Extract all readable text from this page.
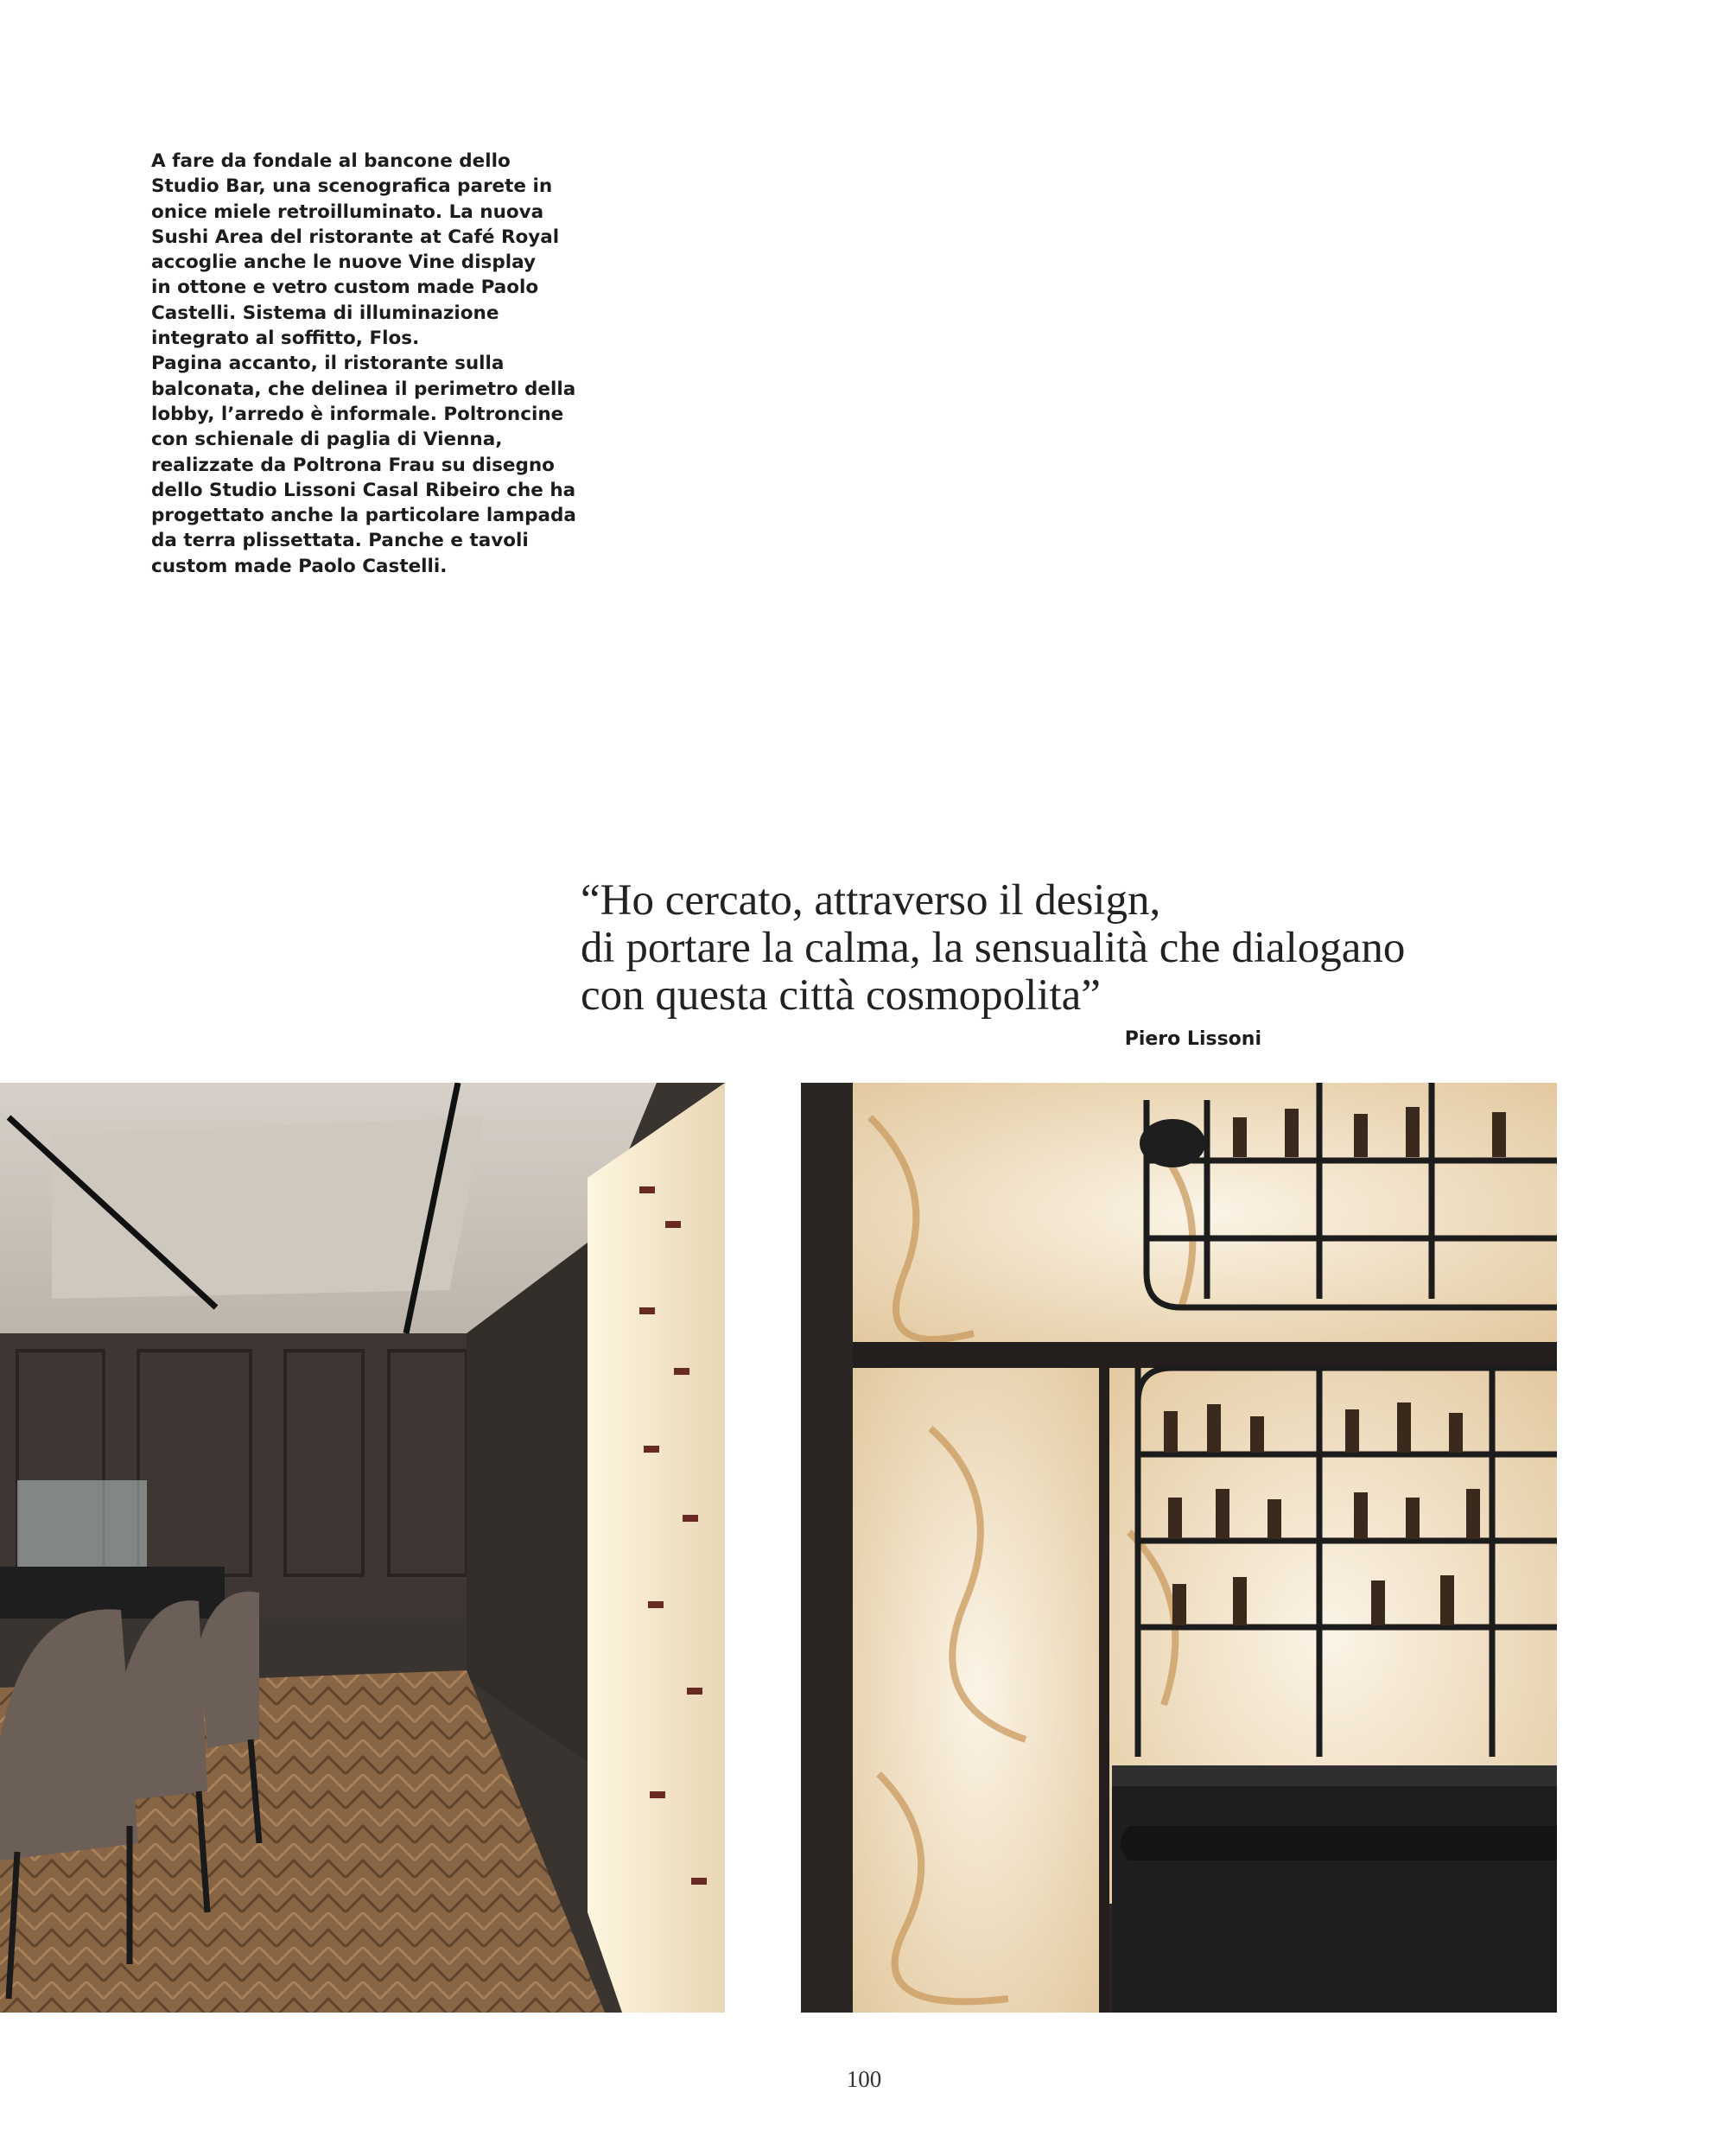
A fare da fondale al bancone dello
Studio Bar, una scenografica parete in
onice miele retroilluminato. La nuova
Sushi Area del ristorante at Café Royal
accoglie anche le nuove Vine display
in ottone e vetro custom made Paolo
Castelli. Sistema di illuminazione
integrato al soffitto, Flos.
Pagina accanto, il ristorante sulla
balconata, che delinea il perimetro della
lobby, l’arredo è informale. Poltroncine
con schienale di paglia di Vienna,
realizzate da Poltrona Frau su disegno
dello Studio Lissoni Casal Ribeiro che ha
progettato anche la particolare lampada
da terra plissettata. Panche e tavoli
custom made Paolo Castelli.
“Ho cercato, attraverso il design,
di portare la calma, la sensualità che dialogano
con questa città cosmopolita”
Piero Lissoni
100
